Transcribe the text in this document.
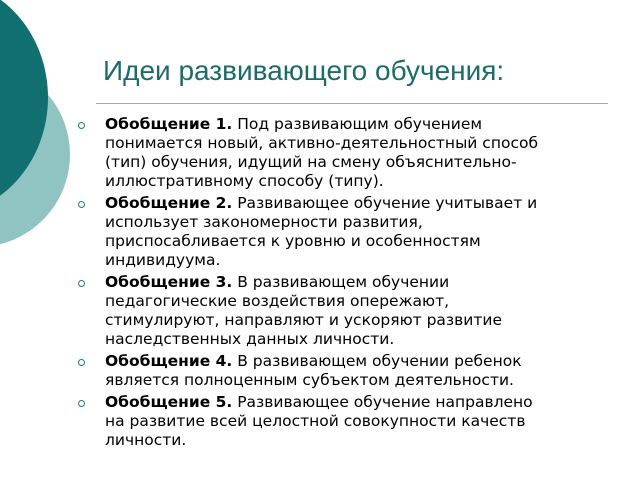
Идеи развивающего обучения:
Обобщение 1. Под развивающим обучением
понимается новый, активно-деятельностный способ
(тип) обучения, идущий на смену объяснительно-
иллюстративному способу (типу).
Обобщение 2. Развивающее обучение учитывает и
использует закономерности развития,
приспосабливается к уровню и особенностям
индивидуума.
Обобщение 3. В развивающем обучении
педагогические воздействия опережают,
стимулируют, направляют и ускоряют развитие
наследственных данных личности.
Обобщение 4. В развивающем обучении ребенок
является полноценным субъектом деятельности.
Обобщение 5. Развивающее обучение направлено
на развитие всей целостной совокупности качеств
личности.
